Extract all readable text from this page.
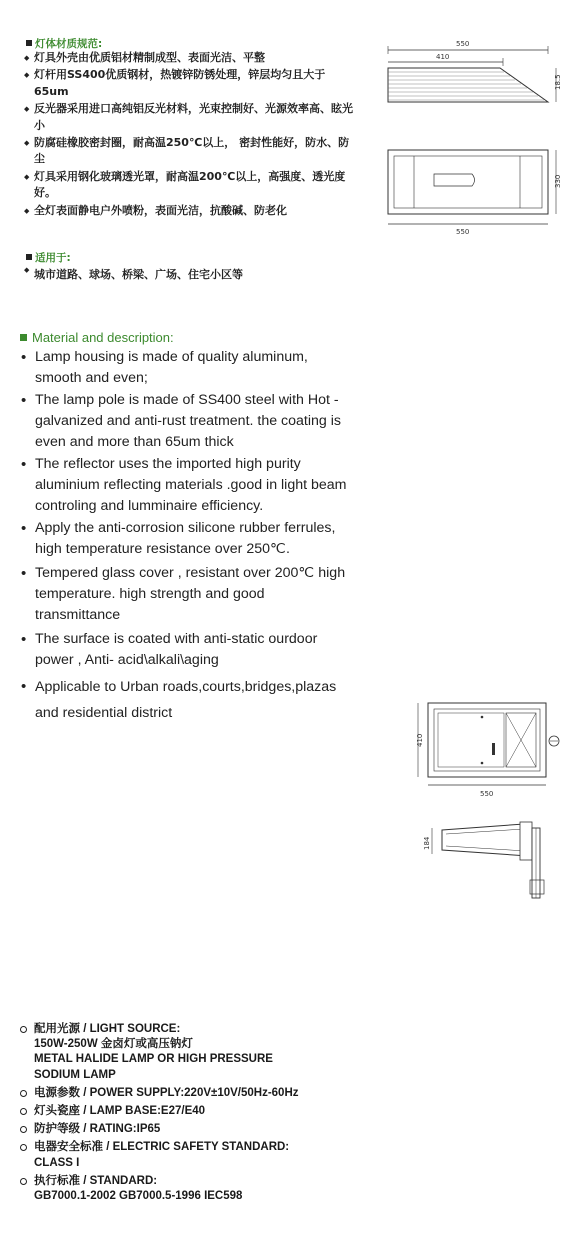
灯体材质规范:
◆ 灯具外壳由优质铝材精制成型、表面光洁、平整
◆ 灯杆用SS400优质钢材，热镀锌防锈处理，锌层均匀且大于65um
◆ 反光器采用进口高纯铝反光材料，光束控制好、光源效率高、眩光小
◆ 防腐硅橡胶密封圈，耐高温250℃以上， 密封性能好，防水、防尘
◆ 灯具采用钢化玻璃透光罩，耐高温200℃以上，高强度、透光度好。
◆ 全灯表面静电户外喷粉，表面光洁，抗酸碱、防老化
适用于:
◆ 城市道路、球场、桥梁、广场、住宅小区等
Material and description:
• Lamp housing is made of quality aluminum, smooth and even;
• The lamp pole is made of SS400 steel with Hot -galvanized and anti-rust treatment. the coating is even and more than 65um thick
• The reflector uses the imported high purity aluminium reflecting materials .good in light beam controling and lumminaire efficiency.
• Apply the anti-corrosion silicone rubber ferrules, high temperature resistance over 250℃.
• Tempered glass cover , resistant over 200℃ high temperature. high strength and good transmittance
• The surface is coated with anti-static ourdoor power , Anti- acid\alkali\aging
• Applicable to Urban roads,courts,bridges,plazas and residential district
550
410
18.5
330
550
410
550
184
配用光源 / LIGHT SOURCE:
150W-250W 金卤灯或高压钠灯
METAL HALIDE LAMP OR HIGH PRESSURE
SODIUM LAMP
电源参数 / POWER SUPPLY:220V±10V/50Hz-60Hz
灯头瓷座 / LAMP BASE:E27/E40
防护等级 / RATING:IP65
电器安全标准 / ELECTRIC SAFETY STANDARD:
CLASS I
执行标准 / STANDARD:
GB7000.1-2002 GB7000.5-1996 IEC598
